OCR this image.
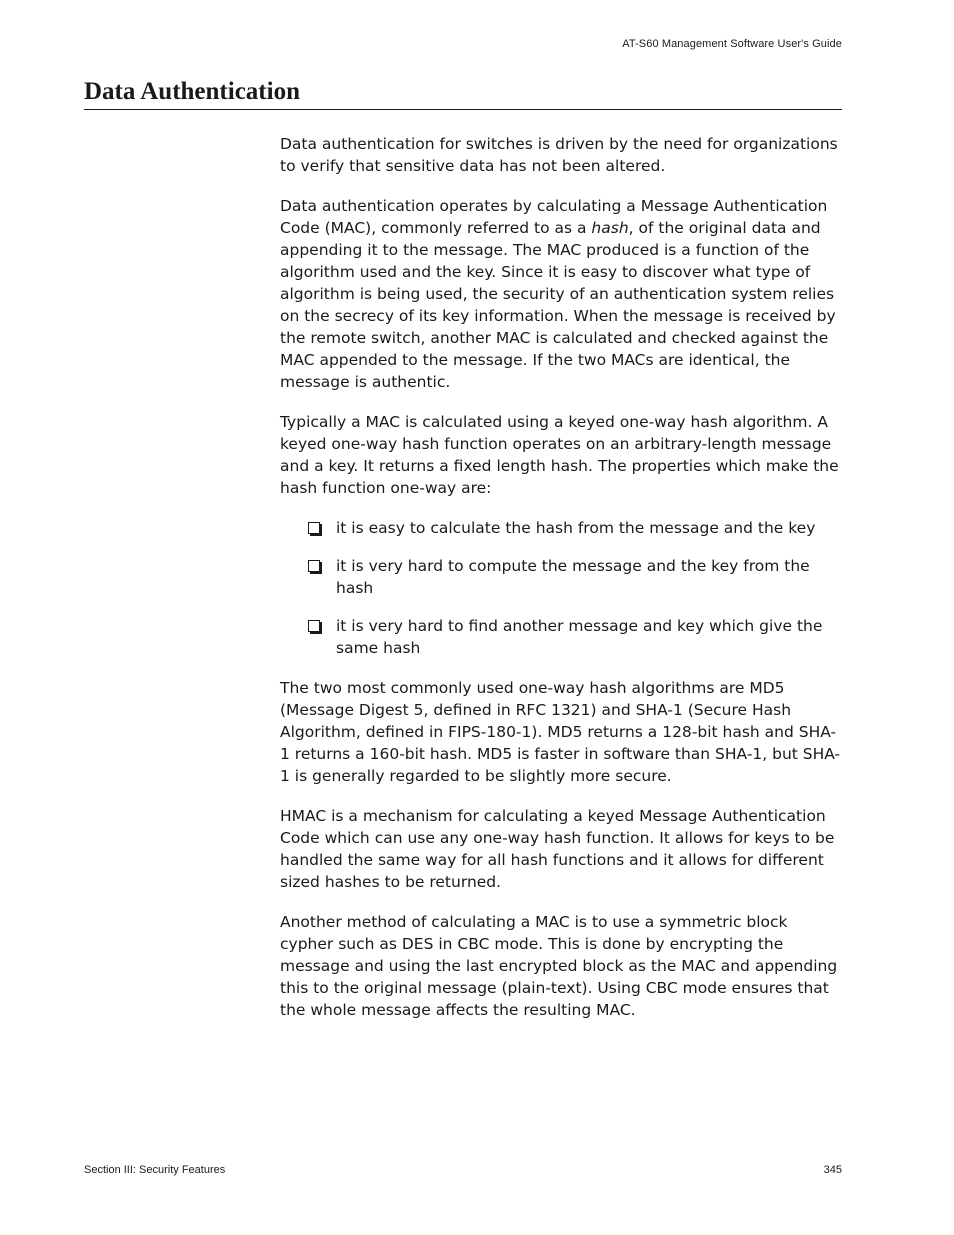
AT-S60 Management Software User's Guide
Data Authentication

Data authentication for switches is driven by the need for organizations to verify that sensitive data has not been altered.

Data authentication operates by calculating a Message Authentication Code (MAC), commonly referred to as a hash, of the original data and appending it to the message. The MAC produced is a function of the algorithm used and the key. Since it is easy to discover what type of algorithm is being used, the security of an authentication system relies on the secrecy of its key information. When the message is received by the remote switch, another MAC is calculated and checked against the MAC appended to the message. If the two MACs are identical, the message is authentic.

Typically a MAC is calculated using a keyed one-way hash algorithm. A keyed one-way hash function operates on an arbitrary-length message and a key. It returns a fixed length hash. The properties which make the hash function one-way are:

it is easy to calculate the hash from the message and the key
it is very hard to compute the message and the key from the hash
it is very hard to find another message and key which give the same hash

The two most commonly used one-way hash algorithms are MD5 (Message Digest 5, defined in RFC 1321) and SHA-1 (Secure Hash Algorithm, defined in FIPS-180-1). MD5 returns a 128-bit hash and SHA-1 returns a 160-bit hash. MD5 is faster in software than SHA-1, but SHA-1 is generally regarded to be slightly more secure.

HMAC is a mechanism for calculating a keyed Message Authentication Code which can use any one-way hash function. It allows for keys to be handled the same way for all hash functions and it allows for different sized hashes to be returned.

Another method of calculating a MAC is to use a symmetric block cypher such as DES in CBC mode. This is done by encrypting the message and using the last encrypted block as the MAC and appending this to the original message (plain-text). Using CBC mode ensures that the whole message affects the resulting MAC.

Section III: Security Features	345
